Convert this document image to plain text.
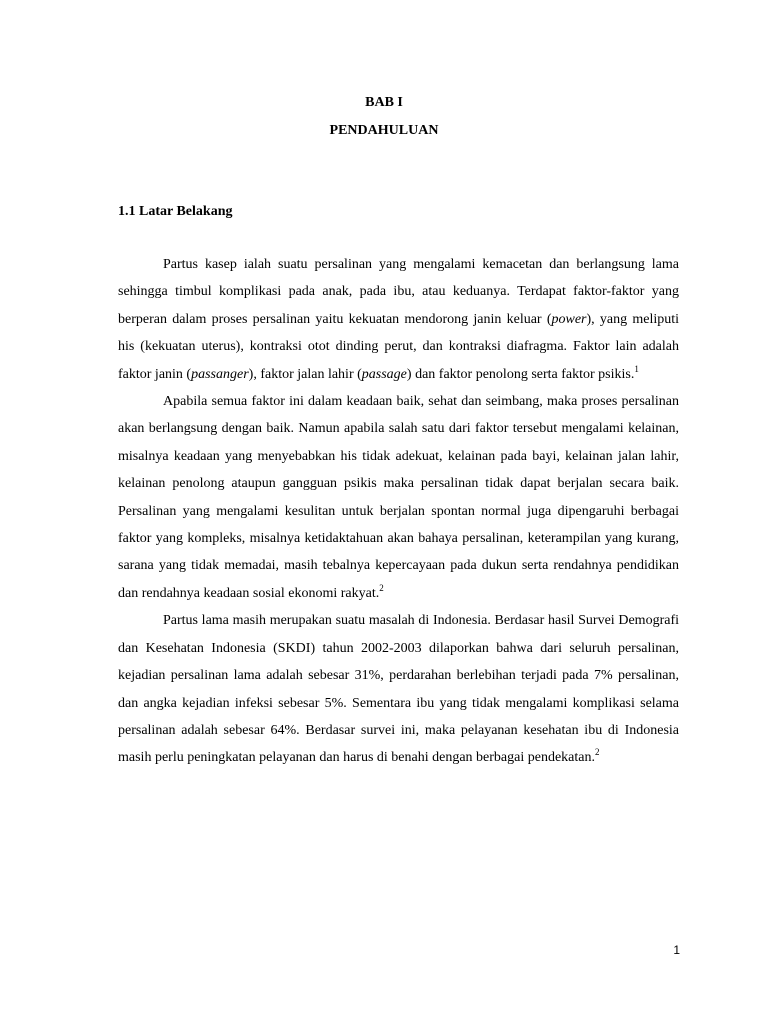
BAB I
PENDAHULUAN
1.1 Latar Belakang

Partus kasep ialah suatu persalinan yang mengalami kemacetan dan berlangsung lama sehingga timbul komplikasi pada anak, pada ibu, atau keduanya. Terdapat faktor-faktor yang berperan dalam proses persalinan yaitu kekuatan mendorong janin keluar (power), yang meliputi his (kekuatan uterus), kontraksi otot dinding perut, dan kontraksi diafragma. Faktor lain adalah faktor janin (passanger), faktor jalan lahir (passage) dan faktor penolong serta faktor psikis.$^1$

Apabila semua faktor ini dalam keadaan baik, sehat dan seimbang, maka proses persalinan akan berlangsung dengan baik. Namun apabila salah satu dari faktor tersebut mengalami kelainan, misalnya keadaan yang menyebabkan his tidak adekuat, kelainan pada bayi, kelainan jalan lahir, kelainan penolong ataupun gangguan psikis maka persalinan tidak dapat berjalan secara baik. Persalinan yang mengalami kesulitan untuk berjalan spontan normal juga dipengaruhi berbagai faktor yang kompleks, misalnya ketidaktahuan akan bahaya persalinan, keterampilan yang kurang, sarana yang tidak memadai, masih tebalnya kepercayaan pada dukun serta rendahnya pendidikan dan rendahnya keadaan sosial ekonomi rakyat.$^2$

Partus lama masih merupakan suatu masalah di Indonesia. Berdasar hasil Survei Demografi dan Kesehatan Indonesia (SKDI) tahun 2002-2003 dilaporkan bahwa dari seluruh persalinan, kejadian persalinan lama adalah sebesar 31%, perdarahan berlebihan terjadi pada 7% persalinan, dan angka kejadian infeksi sebesar 5%. Sementara ibu yang tidak mengalami komplikasi selama persalinan adalah sebesar 64%. Berdasar survei ini, maka pelayanan kesehatan ibu di Indonesia masih perlu peningkatan pelayanan dan harus di benahi dengan berbagai pendekatan.$^2$

1
